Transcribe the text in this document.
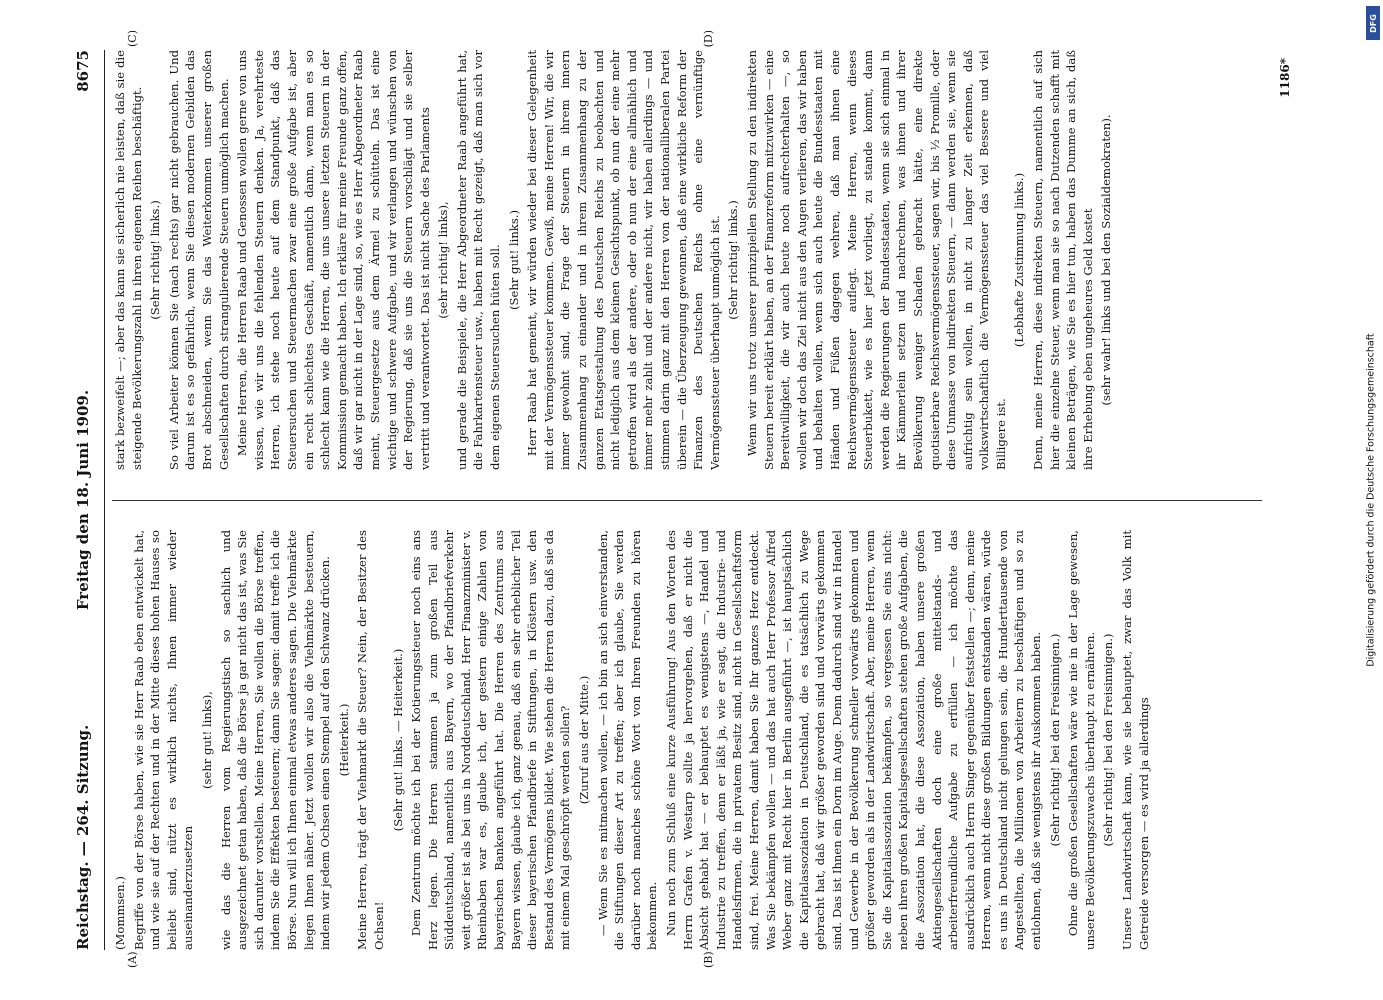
Reichstag. — 264. Sitzung.
Freitag den 18. Juni 1909.
8675
(A)	(B)
(C)	(D)

(Mommsen.) Begriffe von der Börse haben, wie sie Herr Raab eben entwickelt hat, und wie sie auf der Rechten und in der Mitte dieses hohen Hauses so beliebt sind, nützt es wirklich nichts, Ihnen immer wieder auseinanderzusetzen

(sehr gut! links), wie das die Herren vom Regierungstisch so sachlich und ausgezeichnet getan haben, daß die Börse ja gar nicht das ist, was Sie sich darunter vorstellen. Meine Herren, Sie wollen die Börse treffen, indem Sie die Effekten besteuern; dann Sie sagen: damit treffe ich die Börse. Nun will ich Ihnen einmal etwas anderes sagen. Die Viehmärkte liegen Ihnen näher. Jetzt wollen wir also die Viehmärkte besteuern, indem wir jedem Ochsen einen Stempel auf den Schwanz drücken. (Heiterkeit.) Meine Herren, trägt der Viehmarkt die Steuer? Nein, der Besitzer des Ochsen!

(Sehr gut! links. — Heiterkeit.) Dem Zentrum möchte ich bei der Kotierungssteuer noch eins ans Herz legen. Die Herren stammen ja zum großen Teil aus Süddeutschland, namentlich aus Bayern, wo der Pfandbriefverkehr weit größer ist als bei uns in Norddeutschland. Herr Finanzminister v. Rheinbaben war es, glaube ich, der gestern einige Zahlen von bayerischen Banken angeführt hat. Die Herren des Zentrums aus Bayern wissen, glaube ich, ganz genau, daß ein sehr erheblicher Teil dieser bayerischen Pfandbriefe in Stiftungen, in Klöstern usw. den Bestand des Vermögens bildet. Wie stehen die Herren dazu, daß sie da mit einem Mal geschröpft werden sollen? (Zuruf aus der Mitte.) — Wenn Sie es mitmachen wollen, — ich bin an sich einverstanden, die Stiftungen dieser Art zu treffen; aber ich glaube, Sie werden darüber noch manches schöne Wort von Ihren Freunden zu hören bekommen. Nun noch zum Schluß eine kurze Ausführung! Aus den Worten des Herrn Grafen v. Westarp sollte ja hervorgehen, daß er nicht die Absicht gehabt hat — er behauptet es wenigstens —, Handel und Industrie zu treffen, denn er läßt ja, wie er sagt, die Industrie- und Handelsfirmen, die in privatem Besitz sind, nicht in Gesellschaftsform sind, frei. Meine Herren, damit haben Sie Ihr ganzes Herz entdeckt. Was Sie bekämpfen wollen — und das hat auch Herr Professor Alfred Weber ganz mit Recht hier in Berlin ausgeführt —, ist hauptsächlich die Kapitalassoziation in Deutschland, die es tatsächlich zu Wege gebracht hat, daß wir größer geworden sind und vorwärts gekommen sind. Das ist Ihnen ein Dorn im Auge. Denn dadurch sind wir in Handel und Gewerbe in der Bevölkerung schneller vorwärts gekommen und größer geworden als in der Landwirtschaft. Aber, meine Herren, wenn Sie die Kapitalassoziation bekämpfen, so vergessen Sie eins nicht: neben ihren großen Kapitalsgesellschaften stehen große Aufgaben, die die Assoziation hat, die diese Assoziation, haben unsere großen Aktiengesellschaften doch eine große mittelstands- und arbeiterfreundliche Aufgabe zu erfüllen — ich möchte das ausdrücklich auch Herrn Singer gegenüber feststellen —; denn, meine Herren, wenn nicht diese großen Bildungen entstanden wären, würde es uns in Deutschland nicht gelungen sein, die Hunderttausende von Angestellten, die Millionen von Arbeitern zu beschäftigen und so zu entlohnen, daß sie wenigstens ihr Auskommen haben. (Sehr richtig! bei den Freisinnigen.) Ohne die großen Gesellschaften wäre wie nie in der Lage gewesen, unsere Bevölkerungszuwachs überhaupt zu ernähren. (Sehr richtig! bei den Freisinnigen.) Unsere Landwirtschaft kann, wie sie behauptet, zwar das Volk mit Getreide versorgen — es wird ja allerdings

stark bezweifelt —; aber das kann sie sicherlich nie leisten, daß sie die steigende Bevölkerungszahl in ihren eigenen Reihen beschäftigt. (Sehr richtig! links.) So viel Arbeiter können Sie (nach rechts) gar nicht gebrauchen. Und darum ist es so gefährlich, wenn Sie diesen modernen Gebilden das Brot abschneiden, wenn Sie das Weiterkommen unserer großen Gesellschaften durch strangulierende Steuern unmöglich machen. Meine Herren, die Herren Raab und Genossen wollen gerne von uns wissen, wie wir uns die fehlenden Steuern denken. Ja, verehrteste Herren, ich stehe noch heute auf dem Standpunkt, daß das Steuersuchen und Steuermachen zwar eine große Aufgabe ist, aber ein recht schlechtes Geschäft, namentlich dann, wenn man es so schlecht kann wie die Herren, die uns unsere letzten Steuern in der Kommission gemacht haben. Ich erkläre für meine Freunde ganz offen, daß wir gar nicht in der Lage sind, so, wie es Herr Abgeordneter Raab meint, Steuergesetze aus dem Ärmel zu schütteln. Das ist eine wichtige und schwere Aufgabe, und wir verlangen und wünschen von der Regierung, daß sie uns die Steuern vorschlägt und sie selber vertritt und verantwortet. Das ist nicht Sache des Parlaments (sehr richtig! links), und gerade die Beispiele, die Herr Abgeordneter Raab angeführt hat, die Fahrkartensteuer usw., haben mit Recht gezeigt, daß man sich vor dem eigenen Steuersuchen hüten soll. (Sehr gut! links.) Herr Raab hat gemeint, wir würden wieder bei dieser Gelegenheit mit der Vermögenssteuer kommen. Gewiß, meine Herren! Wir, die wir immer gewohnt sind, die Frage der Steuern in ihrem innern Zusammenhang zu einander und in ihrem Zusammenhang zu der ganzen Etatsgestaltung des Deutschen Reichs zu beobachten und nicht lediglich aus dem kleinen Gesichtspunkt, ob nun der eine mehr getroffen wird als der andere, oder ob nun der eine allmählich und immer mehr zahlt und der andere nicht, wir haben allerdings — und stimmen darin ganz mit den Herren von der nationalliberalen Partei überein — die Überzeugung gewonnen, daß eine wirkliche Reform der Finanzen des Deutschen Reichs ohne eine vernünftige Vermögenssteuer überhaupt unmöglich ist. (Sehr richtig! links.) Wenn wir uns trotz unserer prinzipiellen Stellung zu den indirekten Steuern bereit erklärt haben, an der Finanzreform mitzuwirken — eine Bereitwilligkeit, die wir auch heute noch aufrechterhalten —, so wollen wir doch das Ziel nicht aus den Augen verlieren, das wir haben und behalten wollen, wenn sich auch heute die Bundesstaaten mit Händen und Füßen dagegen wehren, daß man ihnen eine Reichsvermögenssteuer auflegt. Meine Herren, wenn dieses Steuerbukett, wie es hier jetzt vorliegt, zu stande kommt, dann werden die Regierungen der Bundesstaaten, wenn sie sich einmal in ihr Kämmerlein setzen und nachrechnen, was ihnen und ihrer Bevölkerung weniger Schaden gebracht hätte, eine direkte quotisierbare Reichsvermögenssteuer, sagen wir, bis ½ Promille, oder diese Unmasse von indirekten Steuern, — dann werden sie, wenn sie aufrichtig sein wollen, in nicht zu langer Zeit erkennen, daß volkswirtschaftlich die Vermögenssteuer das viel Bessere und viel Billigere ist.

(Lebhafte Zustimmung links.) Denn, meine Herren, diese indirekten Steuern, namentlich auf sich hier die einzelne Steuer, wenn man sie so nach Dutzenden schafft mit kleinen Beträgen, wie Sie es hier tun, haben das Dumme an sich, daß ihre Erhebung eben ungeheures Geld kostet (sehr wahr! links und bei den Sozialdemokraten).

1186*
Digitalisierung gefördert durch die Deutsche Forschungsgemeinschaft
DFG
